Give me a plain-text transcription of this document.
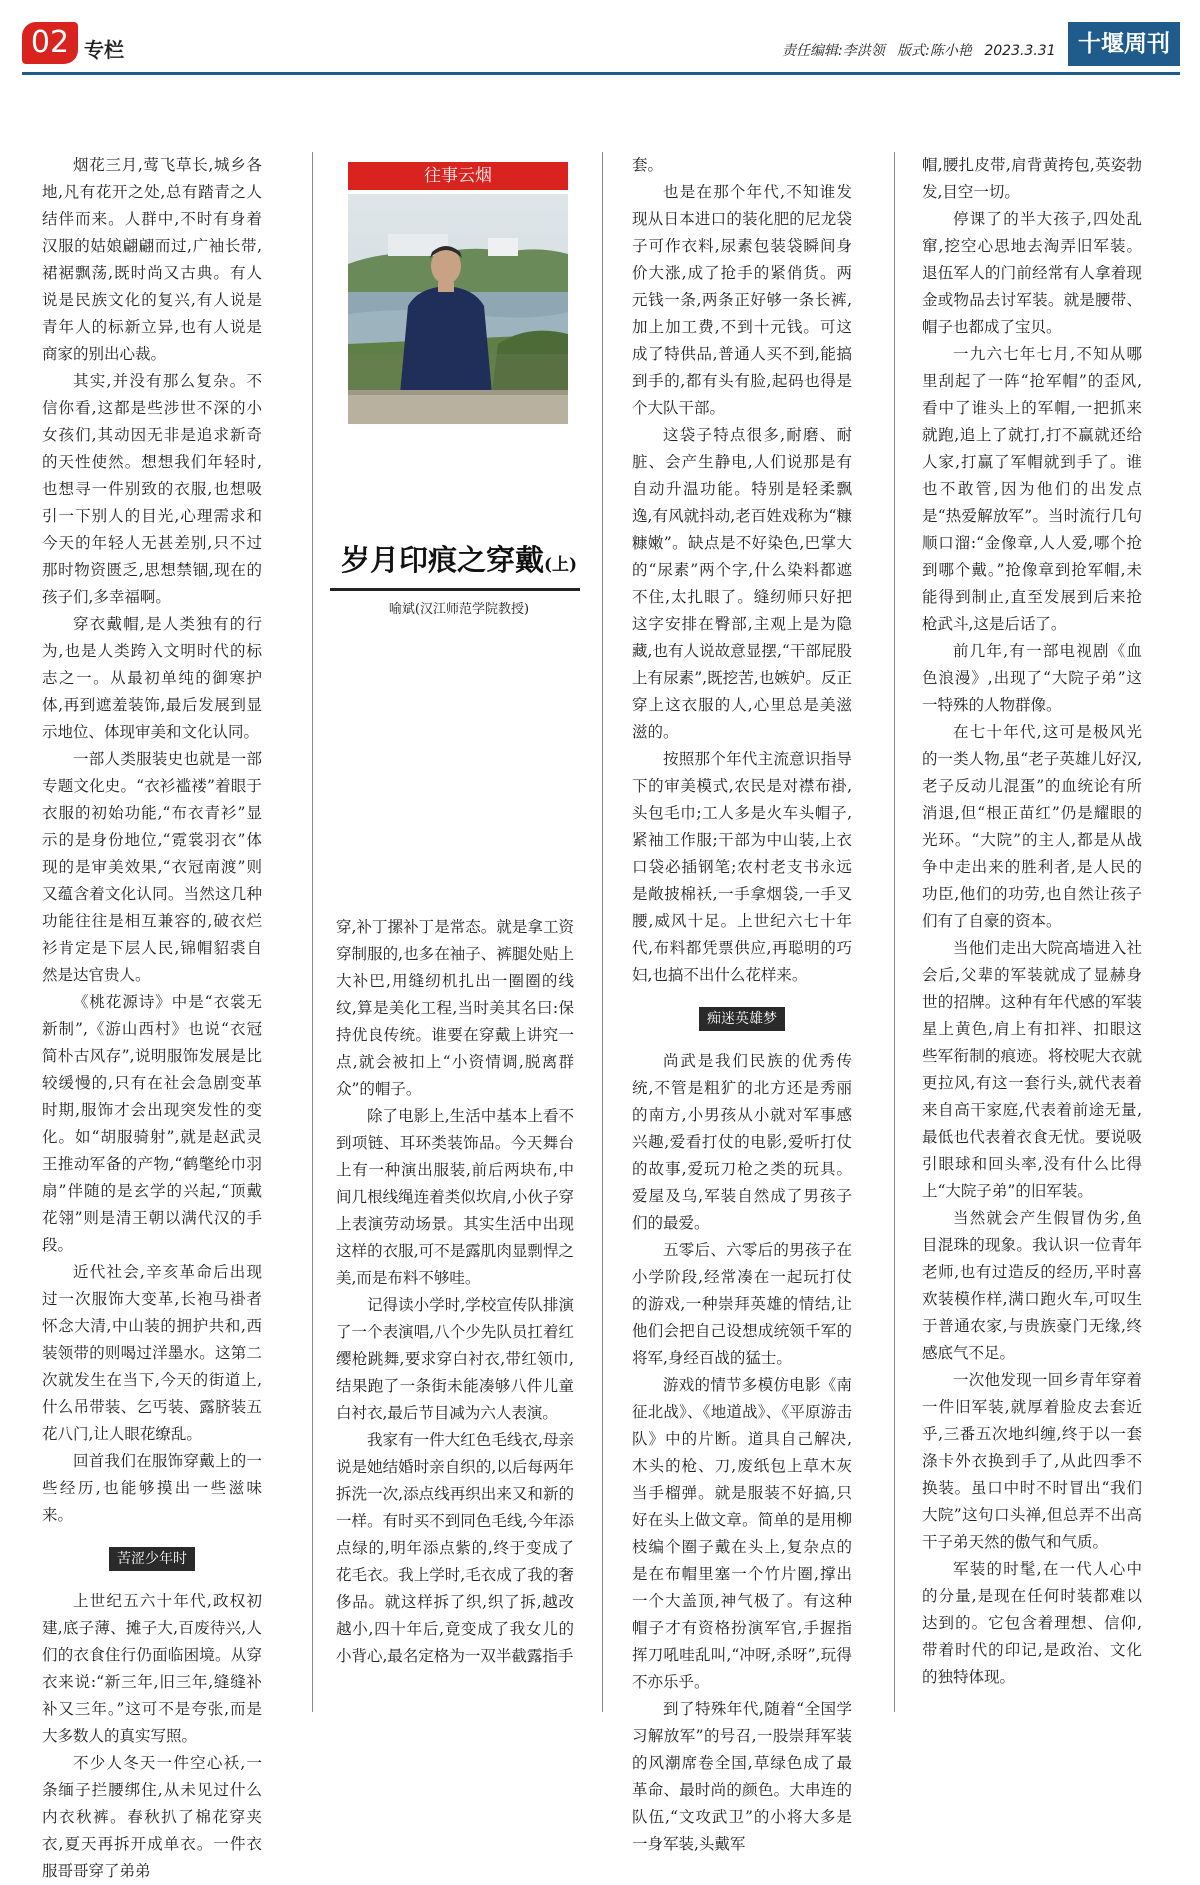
02 专栏	责任编辑:李洪领 版式:陈小艳 2023.3.31 十堰周刊

烟花三月,莺飞草长,城乡各地,凡有花开之处,总有踏青之人结伴而来。人群中,不时有身着汉服的姑娘翩翩而过,广袖长带,裙裾飘荡,既时尚又古典。有人说是民族文化的复兴,有人说是青年人的标新立异,也有人说是商家的别出心裁。

其实,并没有那么复杂。不信你看,这都是些涉世不深的小女孩们,其动因无非是追求新奇的天性使然。想想我们年轻时,也想寻一件别致的衣服,也想吸引一下别人的目光,心理需求和今天的年轻人无甚差别,只不过那时物资匮乏,思想禁锢,现在的孩子们,多幸福啊。

穿衣戴帽,是人类独有的行为,也是人类跨入文明时代的标志之一。从最初单纯的御寒护体,再到遮羞装饰,最后发展到显示地位、体现审美和文化认同。

一部人类服装史也就是一部专题文化史。“衣衫褴褛”着眼于衣服的初始功能,“布衣青衫”显示的是身份地位,“霓裳羽衣”体现的是审美效果,“衣冠南渡”则又蕴含着文化认同。当然这几种功能往往是相互兼容的,破衣烂衫肯定是下层人民,锦帽貂裘自然是达官贵人。

《桃花源诗》中是“衣裳无新制”,《游山西村》也说“衣冠简朴古风存”,说明服饰发展是比较缓慢的,只有在社会急剧变革时期,服饰才会出现突发性的变化。如“胡服骑射”,就是赵武灵王推动军备的产物,“鹤氅纶巾羽扇”伴随的是玄学的兴起,“顶戴花翎”则是清王朝以满代汉的手段。

近代社会,辛亥革命后出现过一次服饰大变革,长袍马褂者怀念大清,中山装的拥护共和,西装领带的则喝过洋墨水。这第二次就发生在当下,今天的街道上,什么吊带装、乞丐装、露脐装五花八门,让人眼花缭乱。

回首我们在服饰穿戴上的一些经历,也能够摸出一些滋味来。

苦涩少年时

上世纪五六十年代,政权初建,底子薄、摊子大,百废待兴,人们的衣食住行仍面临困境。从穿衣来说:“新三年,旧三年,缝缝补补又三年。”这可不是夸张,而是大多数人的真实写照。

不少人冬天一件空心袄,一条缅子拦腰绑住,从未见过什么内衣秋裤。春秋扒了棉花穿夹衣,夏天再拆开成单衣。一件衣服哥哥穿了弟弟

往事云烟
岁月印痕之穿戴(上)
喻斌(汉江师范学院教授)

穿,补丁摞补丁是常态。就是拿工资穿制服的,也多在袖子、裤腿处贴上大补巴,用缝纫机扎出一圈圈的线纹,算是美化工程,当时美其名曰:保持优良传统。谁要在穿戴上讲究一点,就会被扣上“小资情调,脱离群众”的帽子。

除了电影上,生活中基本上看不到项链、耳环类装饰品。今天舞台上有一种演出服装,前后两块布,中间几根线绳连着类似坎肩,小伙子穿上表演劳动场景。其实生活中出现这样的衣服,可不是露肌肉显剽悍之美,而是布料不够哇。

记得读小学时,学校宣传队排演了一个表演唱,八个少先队员扛着红缨枪跳舞,要求穿白衬衣,带红领巾,结果跑了一条街未能凑够八件儿童白衬衣,最后节目减为六人表演。

我家有一件大红色毛线衣,母亲说是她结婚时亲自织的,以后每两年拆洗一次,添点线再织出来又和新的一样。有时买不到同色毛线,今年添点绿的,明年添点紫的,终于变成了花毛衣。我上学时,毛衣成了我的奢侈品。就这样拆了织,织了拆,越改越小,四十年后,竟变成了我女儿的小背心,最名定格为一双半截露指手

套。

也是在那个年代,不知谁发现从日本进口的装化肥的尼龙袋子可作衣料,尿素包装袋瞬间身价大涨,成了抢手的紧俏货。两元钱一条,两条正好够一条长裤,加上加工费,不到十元钱。可这成了特供品,普通人买不到,能搞到手的,都有头有脸,起码也得是个大队干部。

这袋子特点很多,耐磨、耐脏、会产生静电,人们说那是有自动升温功能。特别是轻柔飘逸,有风就抖动,老百姓戏称为“糠糠嫩”。缺点是不好染色,巴掌大的“尿素”两个字,什么染料都遮不住,太扎眼了。缝纫师只好把这字安排在臀部,主观上是为隐藏,也有人说故意显摆,“干部屁股上有尿素”,既挖苦,也嫉妒。反正穿上这衣服的人,心里总是美滋滋的。

按照那个年代主流意识指导下的审美模式,农民是对襟布褂,头包毛巾;工人多是火车头帽子,紧袖工作服;干部为中山装,上衣口袋必插钢笔;农村老支书永远是敞披棉袄,一手拿烟袋,一手叉腰,威风十足。上世纪六七十年代,布料都凭票供应,再聪明的巧妇,也搞不出什么花样来。

痴迷英雄梦

尚武是我们民族的优秀传统,不管是粗犷的北方还是秀丽的南方,小男孩从小就对军事感兴趣,爱看打仗的电影,爱听打仗的故事,爱玩刀枪之类的玩具。爱屋及乌,军装自然成了男孩子们的最爱。

五零后、六零后的男孩子在小学阶段,经常凑在一起玩打仗的游戏,一种崇拜英雄的情结,让他们会把自己设想成统领千军的将军,身经百战的猛士。

游戏的情节多模仿电影《南征北战》、《地道战》、《平原游击队》中的片断。道具自己解决,木头的枪、刀,废纸包上草木灰当手榴弹。就是服装不好搞,只好在头上做文章。简单的是用柳枝编个圈子戴在头上,复杂点的是在布帽里塞一个竹片圈,撑出一个大盖顶,神气极了。有这种帽子才有资格扮演军官,手握指挥刀吼哇乱叫,“冲呀,杀呀”,玩得不亦乐乎。

到了特殊年代,随着“全国学习解放军”的号召,一股崇拜军装的风潮席卷全国,草绿色成了最革命、最时尚的颜色。大串连的队伍,“文攻武卫”的小将大多是一身军装,头戴军

帽,腰扎皮带,肩背黄挎包,英姿勃发,目空一切。

停课了的半大孩子,四处乱窜,挖空心思地去淘弄旧军装。退伍军人的门前经常有人拿着现金或物品去讨军装。就是腰带、帽子也都成了宝贝。

一九六七年七月,不知从哪里刮起了一阵“抢军帽”的歪风,看中了谁头上的军帽,一把抓来就跑,追上了就打,打不赢就还给人家,打赢了军帽就到手了。谁也不敢管,因为他们的出发点是“热爱解放军”。当时流行几句顺口溜:“金像章,人人爱,哪个抢到哪个戴。”抢像章到抢军帽,未能得到制止,直至发展到后来抢枪武斗,这是后话了。

前几年,有一部电视剧《血色浪漫》,出现了“大院子弟”这一特殊的人物群像。

在七十年代,这可是极风光的一类人物,虽“老子英雄儿好汉,老子反动儿混蛋”的血统论有所消退,但“根正苗红”仍是耀眼的光环。“大院”的主人,都是从战争中走出来的胜利者,是人民的功臣,他们的功劳,也自然让孩子们有了自豪的资本。

当他们走出大院高墙进入社会后,父辈的军装就成了显赫身世的招牌。这种有年代感的军装星上黄色,肩上有扣袢、扣眼这些军衔制的痕迹。将校呢大衣就更拉风,有这一套行头,就代表着来自高干家庭,代表着前途无量,最低也代表着衣食无忧。要说吸引眼球和回头率,没有什么比得上“大院子弟”的旧军装。

当然就会产生假冒伪劣,鱼目混珠的现象。我认识一位青年老师,也有过造反的经历,平时喜欢装模作样,满口跑火车,可叹生于普通农家,与贵族豪门无缘,终感底气不足。

一次他发现一回乡青年穿着一件旧军装,就厚着脸皮去套近乎,三番五次地纠缠,终于以一套涤卡外衣换到手了,从此四季不换装。虽口中时不时冒出“我们大院”这句口头禅,但总弄不出高干子弟天然的傲气和气质。

军装的时髦,在一代人心中的分量,是现在任何时装都难以达到的。它包含着理想、信仰,带着时代的印记,是政治、文化的独特体现。
